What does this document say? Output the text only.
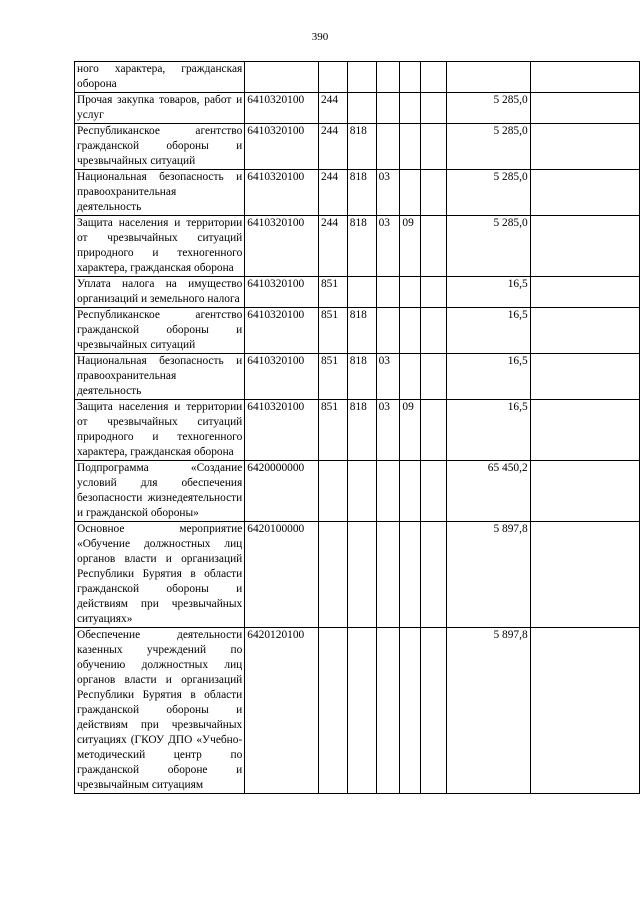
390
ного характера, гражданская оборона								
Прочая закупка товаров, работ и услуг	6410320100	244					5 285,0	
Республиканское агентство гражданской обороны и чрезвычайных ситуаций	6410320100	244	818				5 285,0	
Национальная безопасность и правоохранительная деятельность	6410320100	244	818	03			5 285,0	
Защита населения и территории от чрезвычайных ситуаций природного и техногенного характера, гражданская оборона	6410320100	244	818	03	09		5 285,0	
Уплата налога на имущество организаций и земельного налога	6410320100	851					16,5	
Республиканское агентство гражданской обороны и чрезвычайных ситуаций	6410320100	851	818				16,5	
Национальная безопасность и правоохранительная деятельность	6410320100	851	818	03			16,5	
Защита населения и территории от чрезвычайных ситуаций природного и техногенного характера, гражданская оборона	6410320100	851	818	03	09		16,5	
Подпрограмма «Создание условий для обеспечения безопасности жизнедеятельности и гражданской обороны»	6420000000						65 450,2	
Основное мероприятие «Обучение должностных лиц органов власти и организаций Республики Бурятия в области гражданской обороны и действиям при чрезвычайных ситуациях»	6420100000						5 897,8	
Обеспечение деятельности казенных учреждений по обучению должностных лиц органов власти и организаций Республики Бурятия в области гражданской обороны и действиям при чрезвычайных ситуациях (ГКОУ ДПО «Учебно-методический центр по гражданской обороне и чрезвычайным ситуациям	6420120100						5 897,8	
